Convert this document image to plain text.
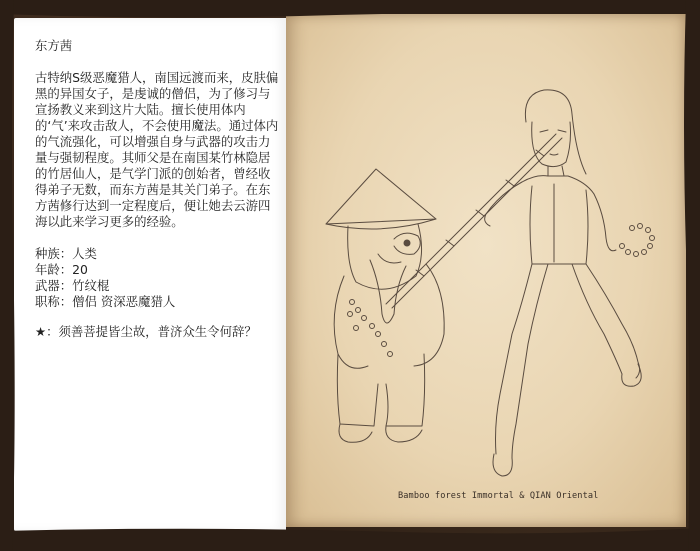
东方茜

古特纳S级恶魔猎人，南国远渡而来，皮肤偏黑的异国女子，是虔诚的僧侣，为了修习与宣扬教义来到这片大陆。擅长使用体内的‘气’来攻击敌人，不会使用魔法。通过体内的气流强化，可以增强自身与武器的攻击力量与强韧程度。其师父是在南国某竹林隐居的竹居仙人，是气学门派的创始者，曾经收得弟子无数，而东方茜是其关门弟子。在东方茜修行达到一定程度后，便让她去云游四海以此来学习更多的经验。

种族：人类

年龄：20

武器：竹纹棍

职称：僧侣 资深恶魔猎人

★：须善菩提皆尘故，普济众生令何辞？

Bamboo forest Immortal & QIAN Oriental
